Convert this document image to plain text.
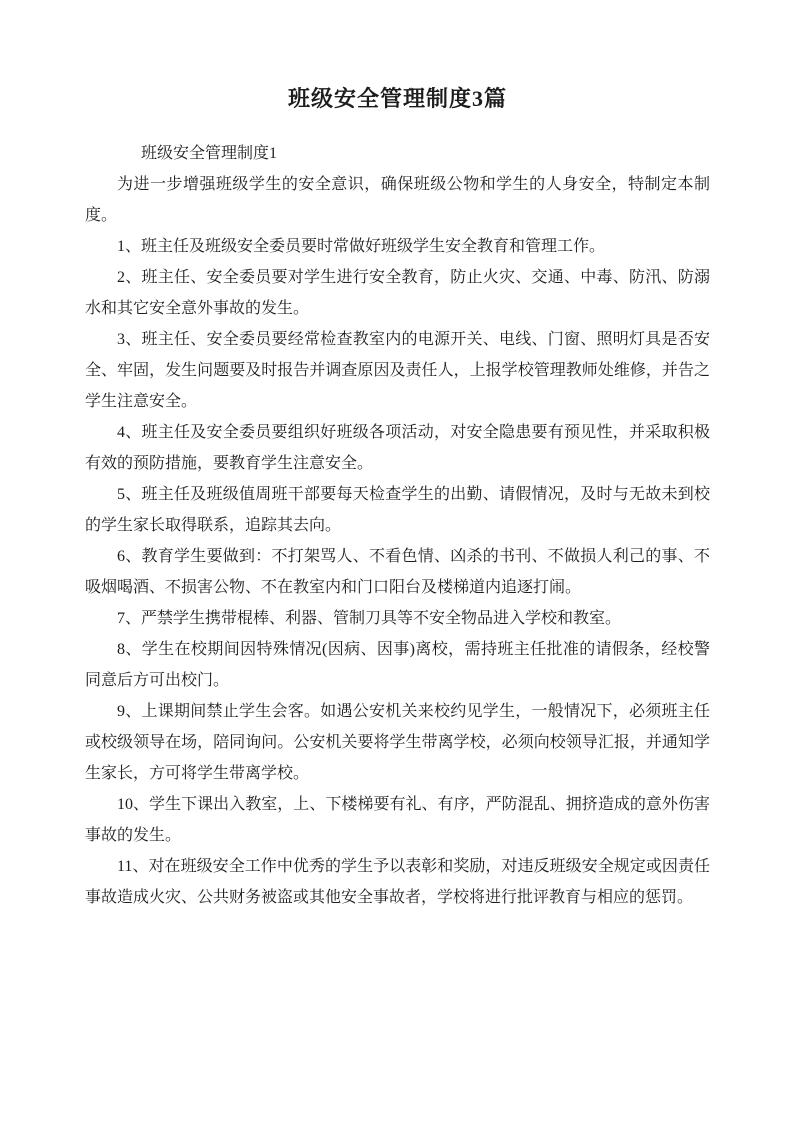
班级安全管理制度3篇

班级安全管理制度1

为进一步增强班级学生的安全意识，确保班级公物和学生的人身安全，特制定本制度。

1、班主任及班级安全委员要时常做好班级学生安全教育和管理工作。

2、班主任、安全委员要对学生进行安全教育，防止火灾、交通、中毒、防汛、防溺水和其它安全意外事故的发生。

3、班主任、安全委员要经常检查教室内的电源开关、电线、门窗、照明灯具是否安全、牢固，发生问题要及时报告并调查原因及责任人，上报学校管理教师处维修，并告之学生注意安全。

4、班主任及安全委员要组织好班级各项活动，对安全隐患要有预见性，并采取积极有效的预防措施，要教育学生注意安全。

5、班主任及班级值周班干部要每天检查学生的出勤、请假情况，及时与无故未到校的学生家长取得联系，追踪其去向。

6、教育学生要做到：不打架骂人、不看色情、凶杀的书刊、不做损人利己的事、不吸烟喝酒、不损害公物、不在教室内和门口阳台及楼梯道内追逐打闹。

7、严禁学生携带棍棒、利器、管制刀具等不安全物品进入学校和教室。

8、学生在校期间因特殊情况(因病、因事)离校，需持班主任批准的请假条，经校警同意后方可出校门。

9、上课期间禁止学生会客。如遇公安机关来校约见学生，一般情况下，必须班主任或校级领导在场，陪同询问。公安机关要将学生带离学校，必须向校领导汇报，并通知学生家长，方可将学生带离学校。

10、学生下课出入教室，上、下楼梯要有礼、有序，严防混乱、拥挤造成的意外伤害事故的发生。

11、对在班级安全工作中优秀的学生予以表彰和奖励，对违反班级安全规定或因责任事故造成火灾、公共财务被盗或其他安全事故者，学校将进行批评教育与相应的惩罚。
